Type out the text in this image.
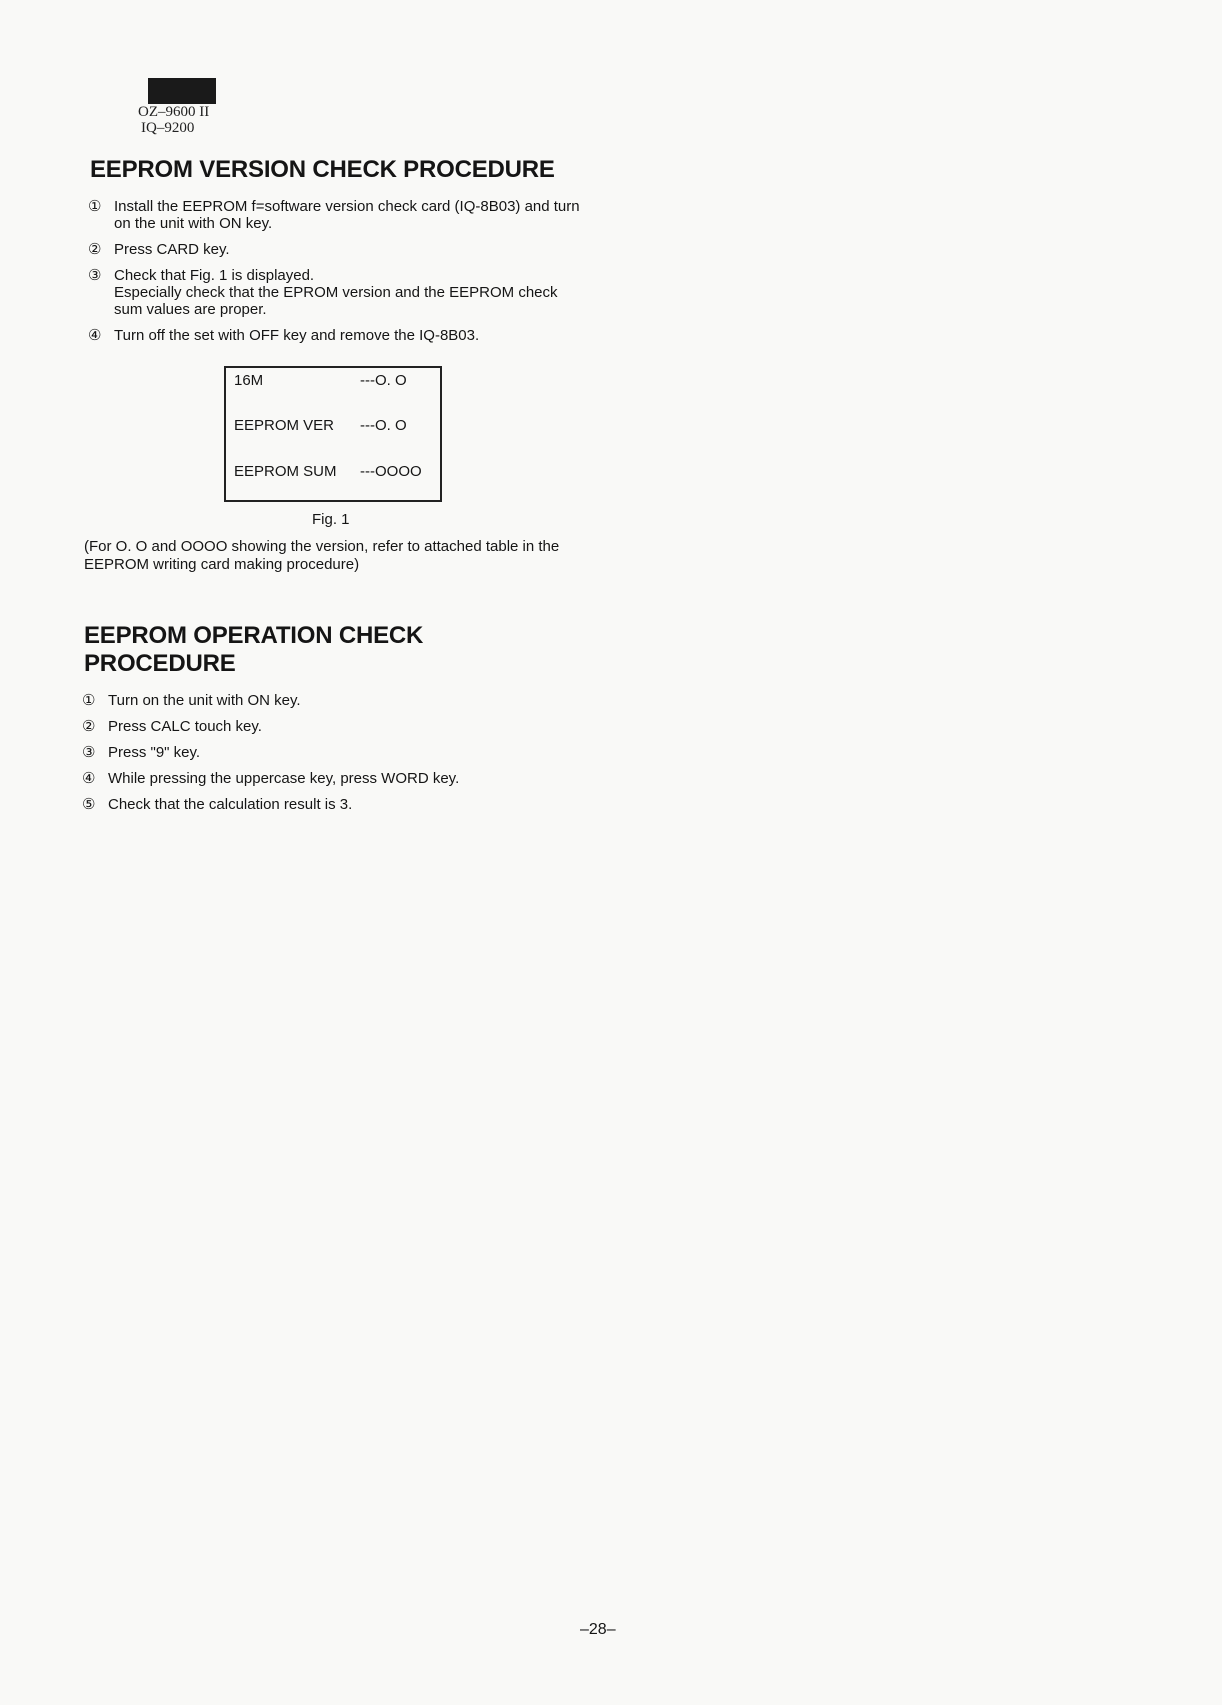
OZ–9600 II
IQ–9200
EEPROM VERSION CHECK PROCEDURE
① Install the EEPROM f=software version check card (IQ-8B03) and turn on the unit with ON key.
② Press CARD key.
③ Check that Fig. 1 is displayed.
Especially check that the EPROM version and the EEPROM check sum values are proper.
④ Turn off the set with OFF key and remove the IQ-8B03.
16M	---O. O
EEPROM VER ---O. O
EEPROM SUM ---OOOO
Fig. 1
(For O. O and OOOO showing the version, refer to attached table in the EEPROM writing card making procedure)
EEPROM OPERATION CHECK PROCEDURE
① Turn on the unit with ON key.
② Press CALC touch key.
③ Press "9" key.
④ While pressing the uppercase key, press WORD key.
⑤ Check that the calculation result is 3.
–28–
